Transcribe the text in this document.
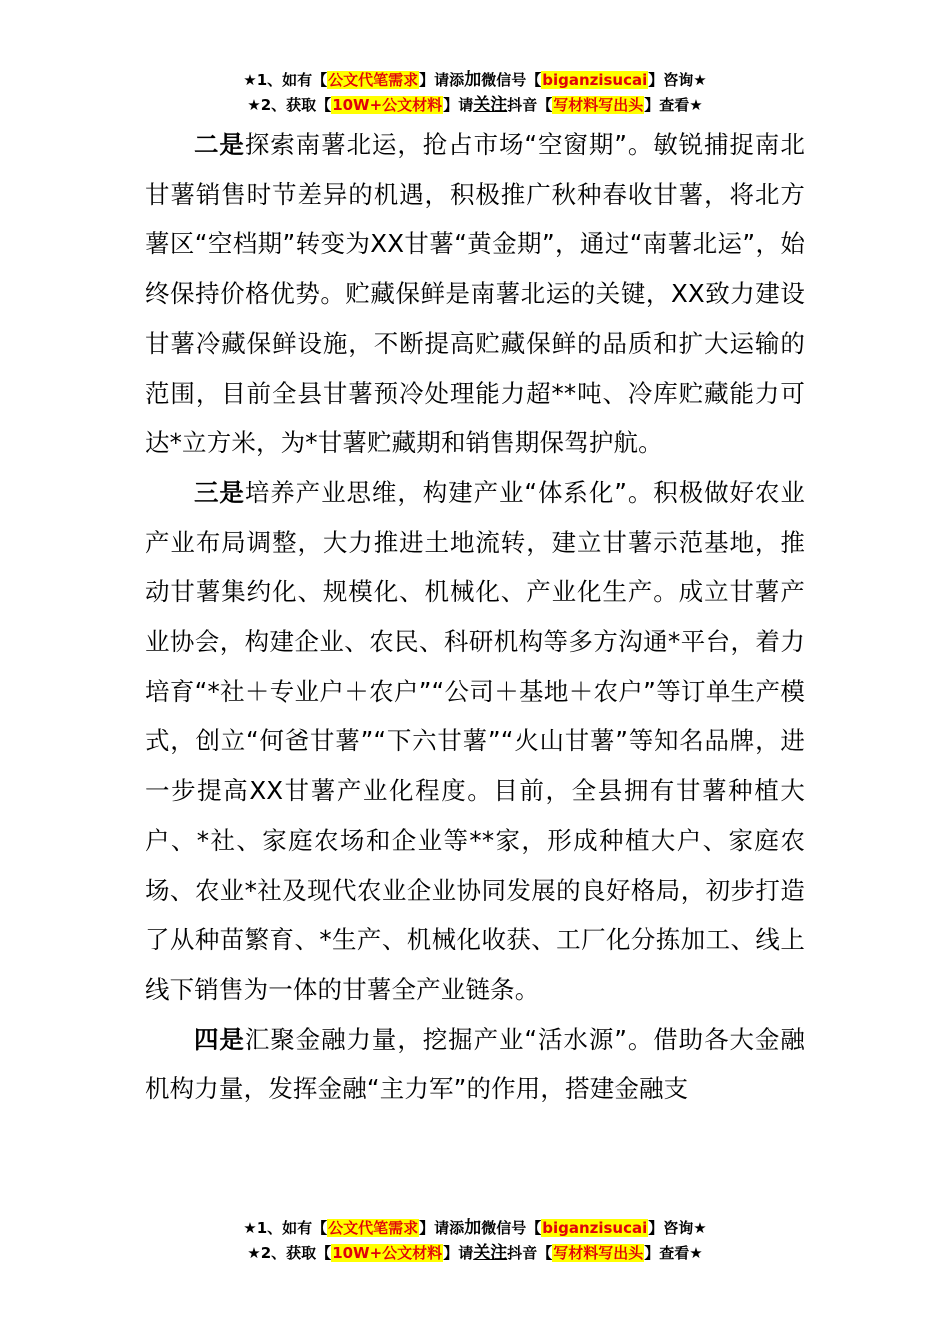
★1、如有【公文代笔需求】请添加微信号【biganzisucai】咨询★
★2、获取【10W+公文材料】请关注抖音【写材料写出头】查看★

二是探索南薯北运，抢占市场“空窗期”。敏锐捕捉南北甘薯销售时节差异的机遇，积极推广秋种春收甘薯，将北方薯区“空档期”转变为XX甘薯“黄金期”，通过“南薯北运”，始终保持价格优势。贮藏保鲜是南薯北运的关键，XX致力建设甘薯冷藏保鲜设施，不断提高贮藏保鲜的品质和扩大运输的范围，目前全县甘薯预冷处理能力超**吨、冷库贮藏能力可达*立方米，为*甘薯贮藏期和销售期保驾护航。

三是培养产业思维，构建产业“体系化”。积极做好农业产业布局调整，大力推进土地流转，建立甘薯示范基地，推动甘薯集约化、规模化、机械化、产业化生产。成立甘薯产业协会，构建企业、农民、科研机构等多方沟通*平台，着力培育“*社＋专业户＋农户”“公司＋基地＋农户”等订单生产模式，创立“何爸甘薯”“下六甘薯”“火山甘薯”等知名品牌，进一步提高XX甘薯产业化程度。目前，全县拥有甘薯种植大户、*社、家庭农场和企业等**家，形成种植大户、家庭农场、农业*社及现代农业企业协同发展的良好格局，初步打造了从种苗繁育、*生产、机械化收获、工厂化分拣加工、线上线下销售为一体的甘薯全产业链条。

四是汇聚金融力量，挖掘产业“活水源”。借助各大金融机构力量，发挥金融“主力军”的作用，搭建金融支

★1、如有【公文代笔需求】请添加微信号【biganzisucai】咨询★
★2、获取【10W+公文材料】请关注抖音【写材料写出头】查看★
